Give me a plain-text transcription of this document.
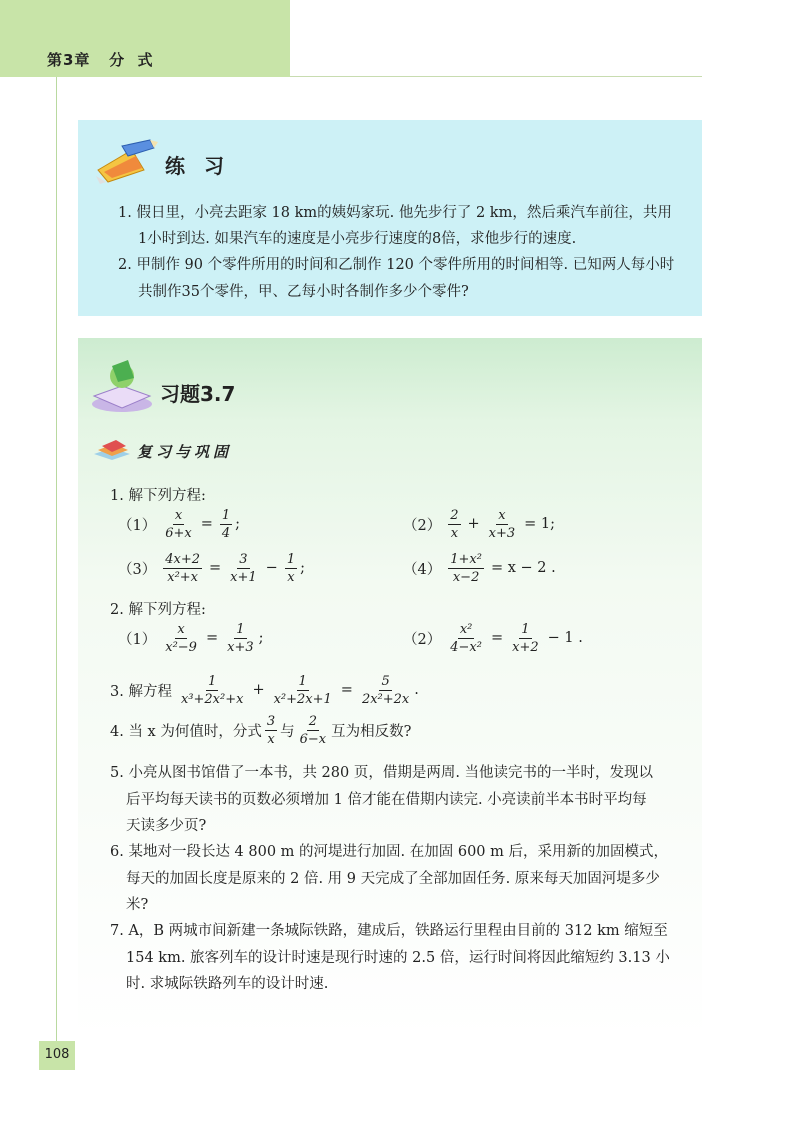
第3章   分  式
练 习
1. 假日里，小亮去距家 18 km的姨妈家玩. 他先步行了 2 km，然后乘汽车前往，共用
1小时到达. 如果汽车的速度是小亮步行速度的8倍，求他步行的速度.
2. 甲制作 90 个零件所用的时间和乙制作 120 个零件所用的时间相等. 已知两人每小时
共制作35个零件，甲、乙每小时各制作多少个零件?
习题3.7
复习与巩固
1. 解下列方程:
$(1) \frac{x}{6+x} = \frac{1}{4}$ ;	$(2) \frac{2}{x} + \frac{x}{x+3} = 1$;
$(3) \frac{4x+2}{\text{x²+x}} = \frac{3}{x+1} - \frac{1}{x}$ ;	$(4) \frac{\text{1+x²}}{x-2} = x - 2$ .
2. 解下列方程:
$(1) \frac{x}{\text{x²−9}} = \frac{1}{x+3}$ ;	$(2) \frac{\text{x²}}{\text{4−x²}} = \frac{1}{x+2} - 1$ .
3. 解方程 $\frac{1}{\text{x³+2x²+x}} + \frac{1}{\text{x²+2x+1}} = \frac{5}{\text{2x²+2x}}$ .
4. 当 x 为何值时，分式 $\frac{3}{x}$ 与 $\frac{2}{6-x}$ 互为相反数?
5. 小亮从图书馆借了一本书，共 280 页，借期是两周. 当他读完书的一半时，发现以
后平均每天读书的页数必须增加 1 倍才能在借期内读完. 小亮读前半本书时平均每
天读多少页?
6. 某地对一段长达 4 800 m 的河堤进行加固. 在加固 600 m 后，采用新的加固模式，
每天的加固长度是原来的 2 倍. 用 9 天完成了全部加固任务. 原来每天加固河堤多少
米?
7. A，B 两城市间新建一条城际铁路，建成后，铁路运行里程由目前的 312 km 缩短至
154 km. 旅客列车的设计时速是现行时速的 2.5 倍，运行时间将因此缩短约 3.13 小
时. 求城际铁路列车的设计时速.
108
